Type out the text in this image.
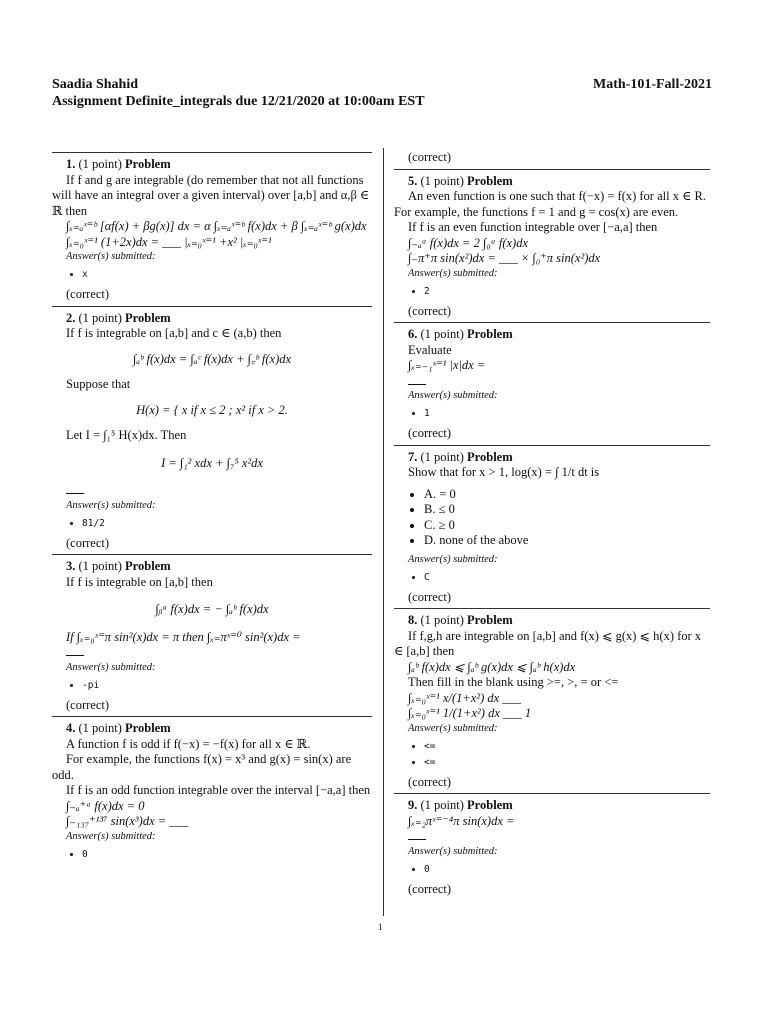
Saadia Shahid	Math-101-Fall-2021
Assignment Definite_integrals due 12/21/2020 at 10:00am EST
1. (1 point) Problem
If f and g are integrable (do remember that not all functions will have an integral over a given interval) over [a,b] and α,β ∈ ℝ then
∫ₓ₌ₐˣ⁼ᵇ [αf(x) + βg(x)] dx = α ∫ₓ₌ₐˣ⁼ᵇ f(x)dx + β ∫ₓ₌ₐˣ⁼ᵇ g(x)dx
∫ₓ₌₀ˣ⁼¹ (1+2x)dx = ___ |ₓ₌₀ˣ⁼¹ +x² |ₓ₌₀ˣ⁼¹
Answer(s) submitted:
• x
(correct)
2. (1 point) Problem
If f is integrable on [a,b] and c ∈ (a,b) then
∫ₐᵇ f(x)dx = ∫ₐᶜ f(x)dx + ∫꜀ᵇ f(x)dx
Suppose that
H(x) = { x if x ≤ 2 ; x² if x > 2.
Let I = ∫₁⁵ H(x)dx. Then
I = ∫₁² xdx + ∫₇⁵ x²dx
Answer(s) submitted:
• 81/2
(correct)
3. (1 point) Problem
If f is integrable on [a,b] then
∫ᵦᵃ f(x)dx = − ∫ₐᵇ f(x)dx
If ∫ₓ₌₀ˣ⁼π sin²(x)dx = π then ∫ₓ₌πˣ⁼⁰ sin²(x)dx =
Answer(s) submitted:
• -pi
(correct)
4. (1 point) Problem
A function f is odd if f(−x) = −f(x) for all x ∈ ℝ.
For example, the functions f(x) = x³ and g(x) = sin(x) are odd.
If f is an odd function integrable over the interval [−a,a] then
∫₋ₐ⁺ᵃ f(x)dx = 0
∫₋₁₃₇⁺¹³⁷ sin(x³)dx = ___
Answer(s) submitted:
• 0
(correct)
5. (1 point) Problem
An even function is one such that f(−x) = f(x) for all x ∈ R. For example, the functions f = 1 and g = cos(x) are even.
If f is an even function integrable over [−a,a] then
∫₋ₐᵃ f(x)dx = 2 ∫₀ᵃ f(x)dx
∫₋π⁺π sin(x²)dx = ___ × ∫₀⁺π sin(x²)dx
Answer(s) submitted:
• 2
(correct)
6. (1 point) Problem
Evaluate
∫ₓ₌₋₁ˣ⁼¹ |x|dx =
Answer(s) submitted:
• 1
(correct)
7. (1 point) Problem
Show that for x > 1, log(x) = ∫ 1/t dt is
• A. = 0
• B. ≤ 0
• C. ≥ 0
• D. none of the above
Answer(s) submitted:
• C
(correct)
8. (1 point) Problem
If f,g,h are integrable on [a,b] and f(x) ⩽ g(x) ⩽ h(x) for x ∈ [a,b] then
∫ₐᵇ f(x)dx ⩽ ∫ₐᵇ g(x)dx ⩽ ∫ₐᵇ h(x)dx
Then fill in the blank using >=, >, = or <=
∫ₓ₌₀ˣ⁼¹ x/(1+x²) dx ___
∫ₓ₌₀ˣ⁼¹ 1/(1+x²) dx ___ 1
Answer(s) submitted:
• <=
• <=
(correct)
9. (1 point) Problem
∫ₓ₌₂πˣ⁼⁻⁴π sin(x)dx =
Answer(s) submitted:
• 0
(correct)
1
